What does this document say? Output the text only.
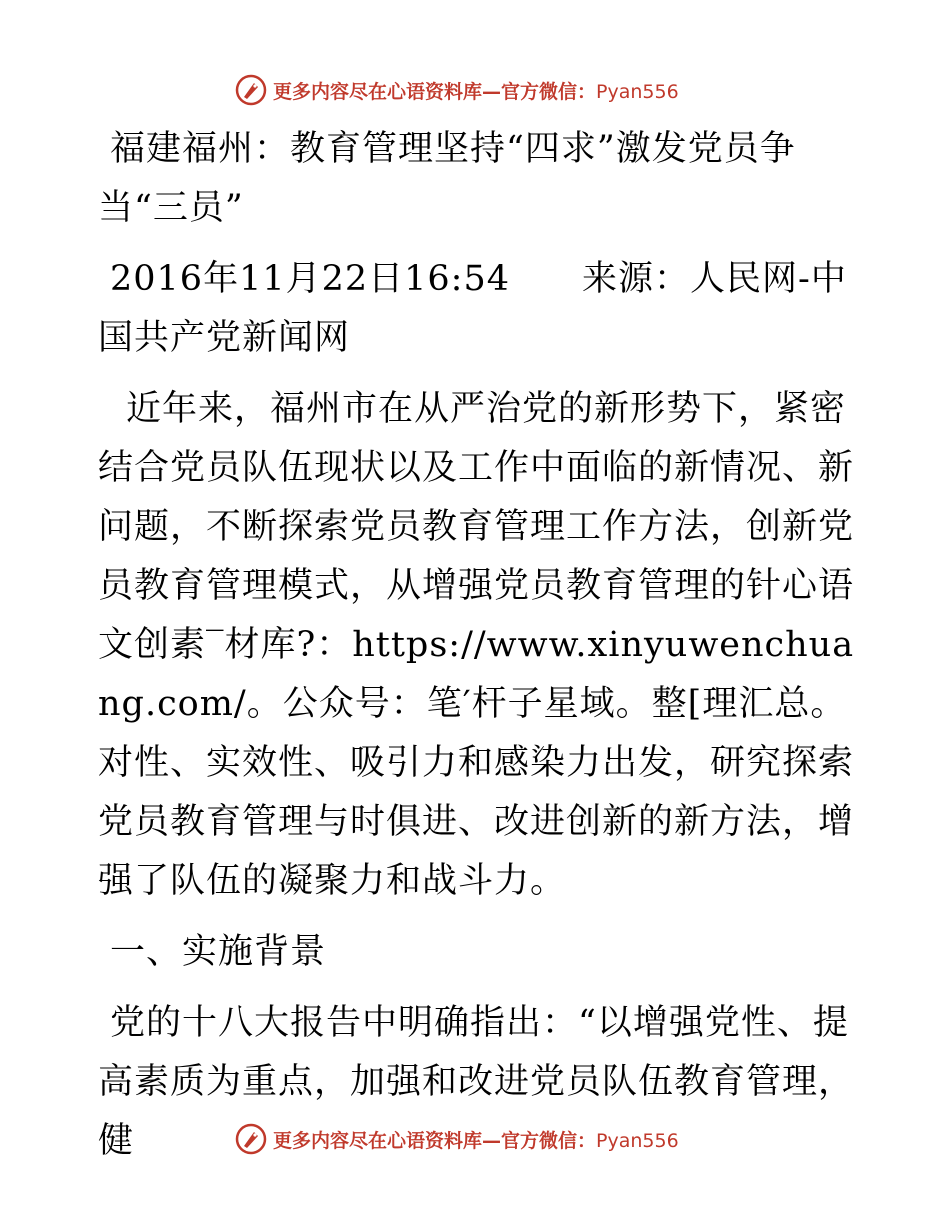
更多内容尽在心语资料库—官方微信：Pyan556

福建福州：教育管理坚持“四求”激发党员争当“三员”

2016年11月22日16:54　　来源：人民网-中国共产党新闻网

近年来，福州市在从严治党的新形势下，紧密结合党员队伍现状以及工作中面临的新情况、新问题，不断探索党员教育管理工作方法，创新党员教育管理模式，从增强党员教育管理的针心语文创素‾材库?：https://www.xinyuwenchuang.com/。公众号：笔′杆子星域。整[理汇总。对性、实效性、吸引力和感染力出发，研究探索党员教育管理与时俱进、改进创新的新方法，增强了队伍的凝聚力和战斗力。

一、实施背景

党的十八大报告中明确指出：“以增强党性、提高素质为重点，加强和改进党员队伍教育管理，健	更多内容尽在心语资料库—官方微信：Pyan556
